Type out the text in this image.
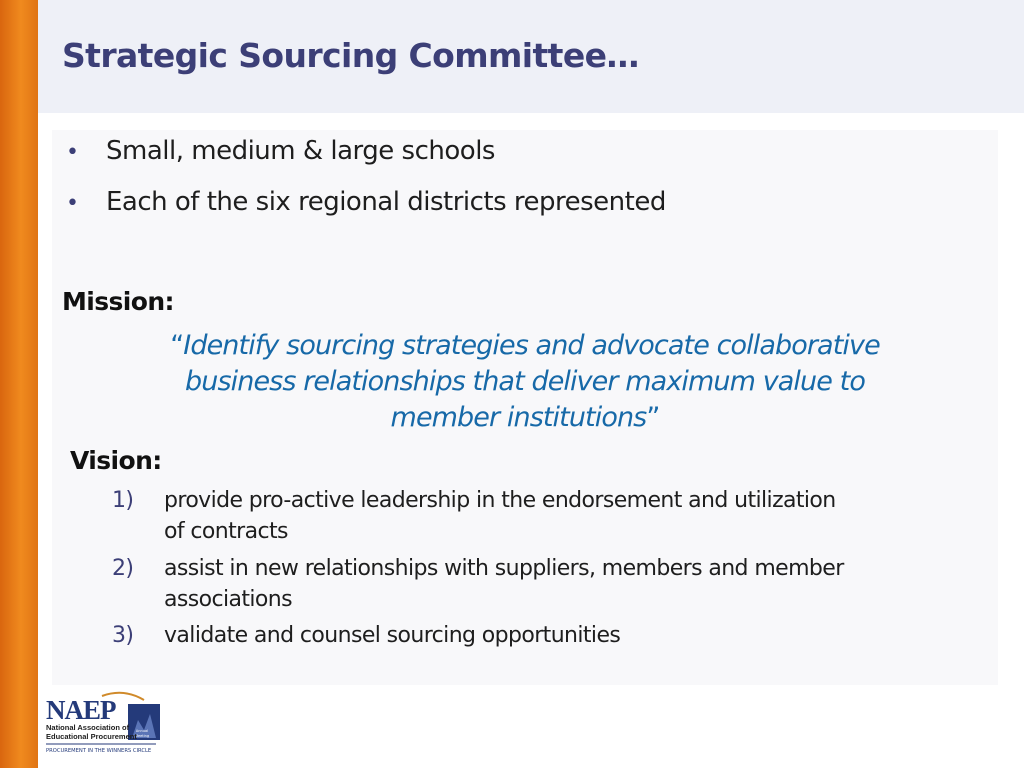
Strategic Sourcing Committee…
•	Small, medium & large schools
•	Each of the six regional districts represented
Mission:
“Identify sourcing strategies and advocate collaborative
business relationships that deliver maximum value to
member institutions”
Vision:
1)	provide pro-active leadership in the endorsement and utilization
of contracts
2)	assist in new relationships with suppliers, members and member
associations
3)	validate and counsel sourcing opportunities
NAEP
Annual
Meeting
National Association of
Educational Procurement
PROCUREMENT IN THE WINNERS CIRCLE
